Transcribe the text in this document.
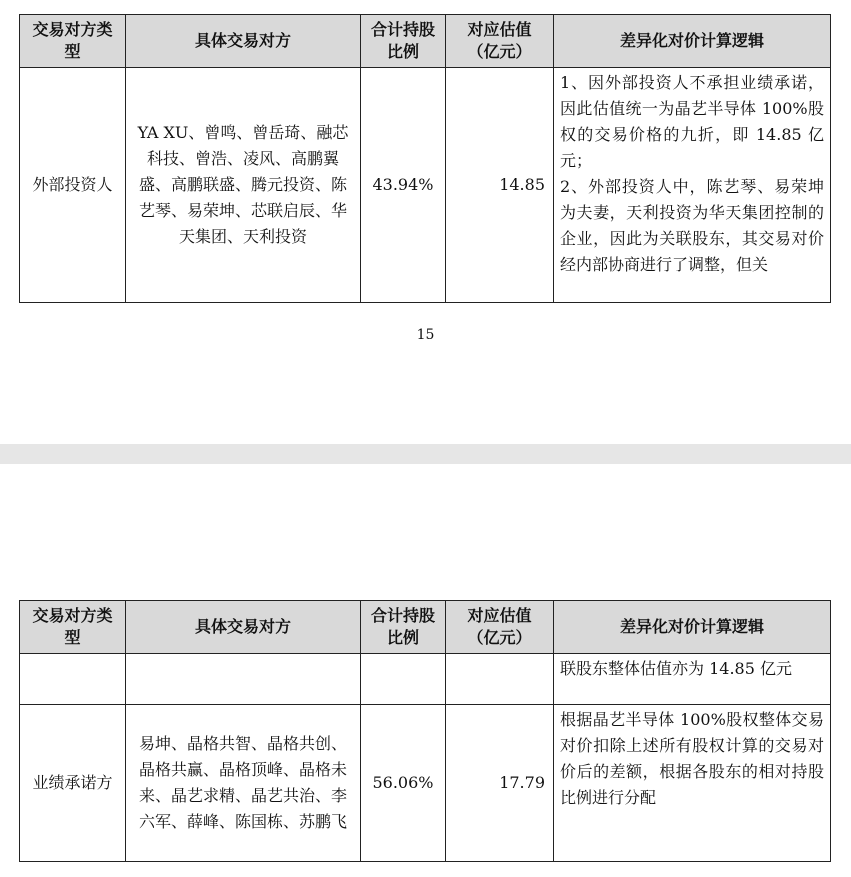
交易对方类型	具体交易对方	合计持股比例	对应估值（亿元）	差异化对价计算逻辑
外部投资人	YA XU、曾鸣、曾岳琦、融芯科技、曾浩、凌风、高鹏翼盛、高鹏联盛、腾元投资、陈艺琴、易荣坤、芯联启辰、华天集团、天利投资	43.94%	14.85	1、因外部投资人不承担业绩承诺，因此估值统一为晶艺半导体 100%股权的交易价格的九折，即 14.85 亿元；
2、外部投资人中，陈艺琴、易荣坤为夫妻，天利投资为华天集团控制的企业，因此为关联股东，其交易对价经内部协商进行了调整，但关
15
交易对方类型	具体交易对方	合计持股比例	对应估值（亿元）	差异化对价计算逻辑
				联股东整体估值亦为 14.85 亿元
业绩承诺方	易坤、晶格共智、晶格共创、晶格共赢、晶格顶峰、晶格未来、晶艺求精、晶艺共治、李六军、薛峰、陈国栋、苏鹏飞	56.06%	17.79	根据晶艺半导体 100%股权整体交易对价扣除上述所有股权计算的交易对价后的差额，根据各股东的相对持股比例进行分配
